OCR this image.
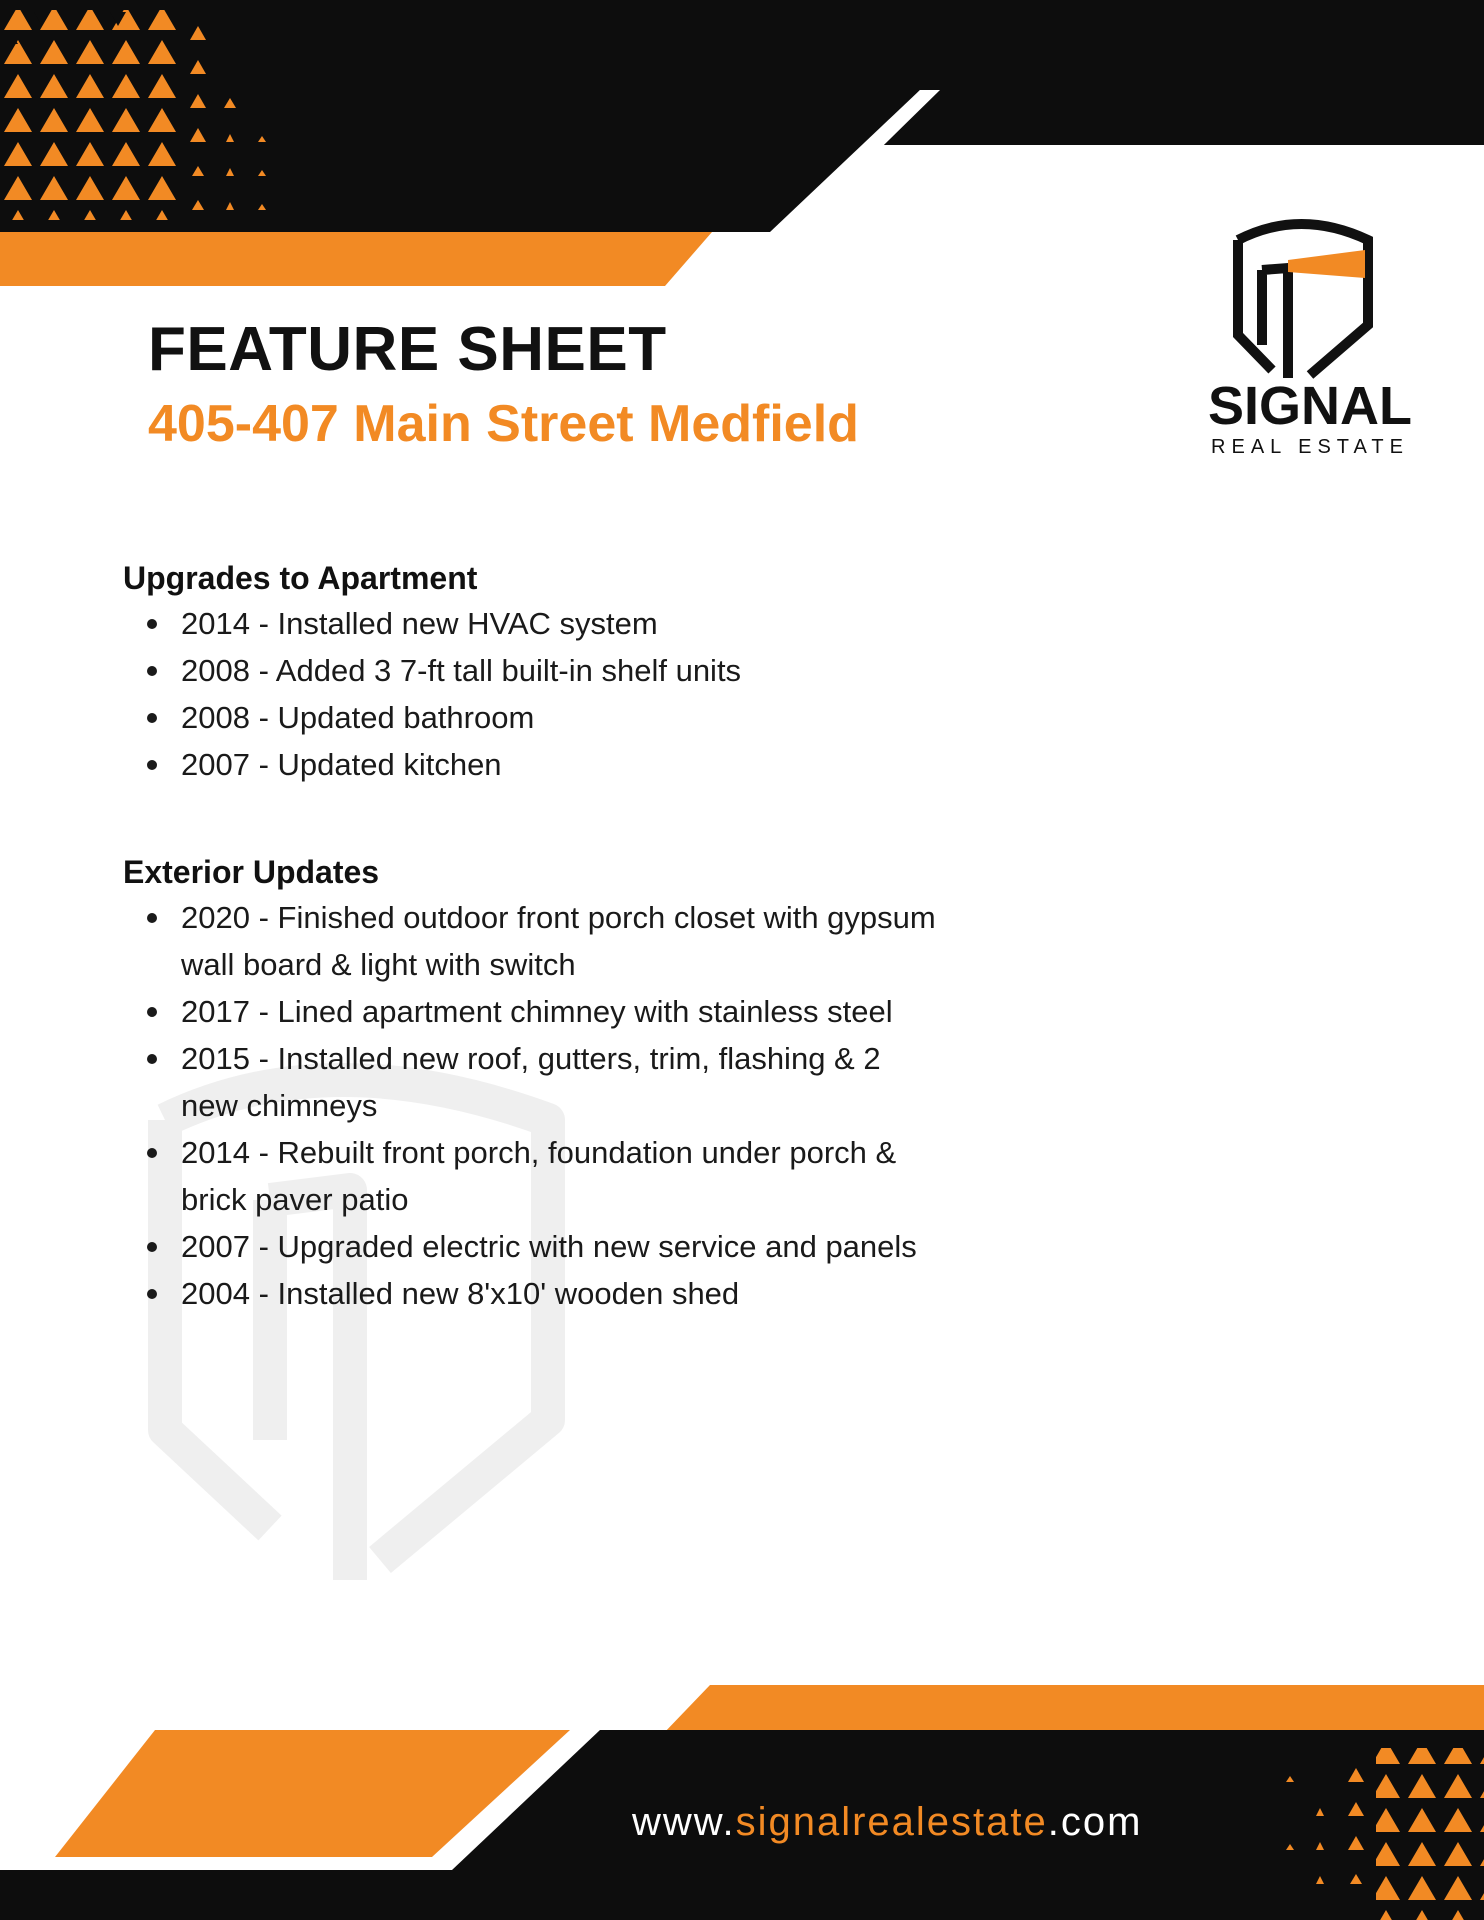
FEATURE SHEET

405-407 Main Street Medfield	SIGNAL
REAL ESTATE
Upgrades to Apartment
2014 - Installed new HVAC system
2008 - Added 3 7-ft tall built-in shelf units
2008 - Updated bathroom
2007 - Updated kitchen
Exterior Updates
2020 - Finished outdoor front porch closet with gypsum wall board & light with switch
2017 - Lined apartment chimney with stainless steel
2015 - Installed new roof, gutters, trim, flashing & 2 new chimneys
2014 - Rebuilt front porch, foundation under porch & brick paver patio
2007 - Upgraded electric with new service and panels
2004 - Installed new 8'x10' wooden shed
www.signalrealestate.com
